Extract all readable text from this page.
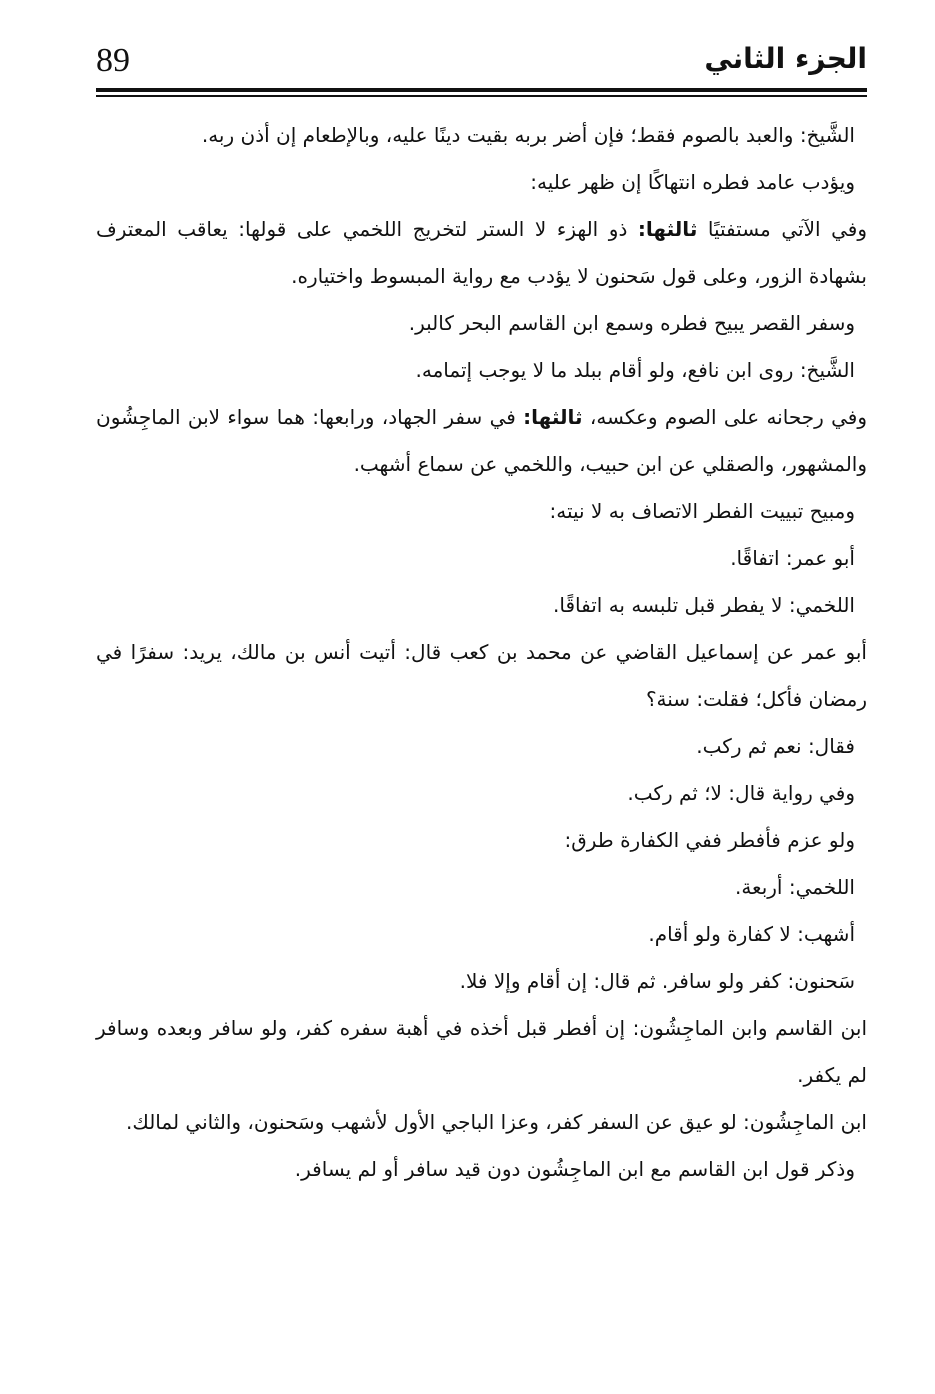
89	الجزء الثاني

الشَّيخ: والعبد بالصوم فقط؛ فإن أضر بربه بقيت دينًا عليه، وبالإطعام إن أذن ربه.

ويؤدب عامد فطره انتهاكًا إن ظهر عليه:

وفي الآتي مستفتيًا ثالثها: ذو الهزء لا الستر لتخريج اللخمي على قولها: يعاقب المعترف بشهادة الزور، وعلى قول سَحنون لا يؤدب مع رواية المبسوط واختياره.

وسفر القصر يبيح فطره وسمع ابن القاسم البحر كالبر.

الشَّيخ: روى ابن نافع، ولو أقام ببلد ما لا يوجب إتمامه.

وفي رجحانه على الصوم وعكسه، ثالثها: في سفر الجهاد، ورابعها: هما سواء لابن الماجِشُون والمشهور، والصقلي عن ابن حبيب، واللخمي عن سماع أشهب.

ومبيح تبييت الفطر الاتصاف به لا نيته:

أبو عمر: اتفاقًا.

اللخمي: لا يفطر قبل تلبسه به اتفاقًا.

أبو عمر عن إسماعيل القاضي عن محمد بن كعب قال: أتيت أنس بن مالك، يريد: سفرًا في رمضان فأكل؛ فقلت: سنة؟

فقال: نعم ثم ركب.

وفي رواية قال: لا؛ ثم ركب.

ولو عزم فأفطر ففي الكفارة طرق:

اللخمي: أربعة.

أشهب: لا كفارة ولو أقام.

سَحنون: كفر ولو سافر. ثم قال: إن أقام وإلا فلا.

ابن القاسم وابن الماجِشُون: إن أفطر قبل أخذه في أهبة سفره كفر، ولو سافر وبعده وسافر لم يكفر.

ابن الماجِشُون: لو عيق عن السفر كفر، وعزا الباجي الأول لأشهب وسَحنون، والثاني لمالك.

وذكر قول ابن القاسم مع ابن الماجِشُون دون قيد سافر أو لم يسافر.
